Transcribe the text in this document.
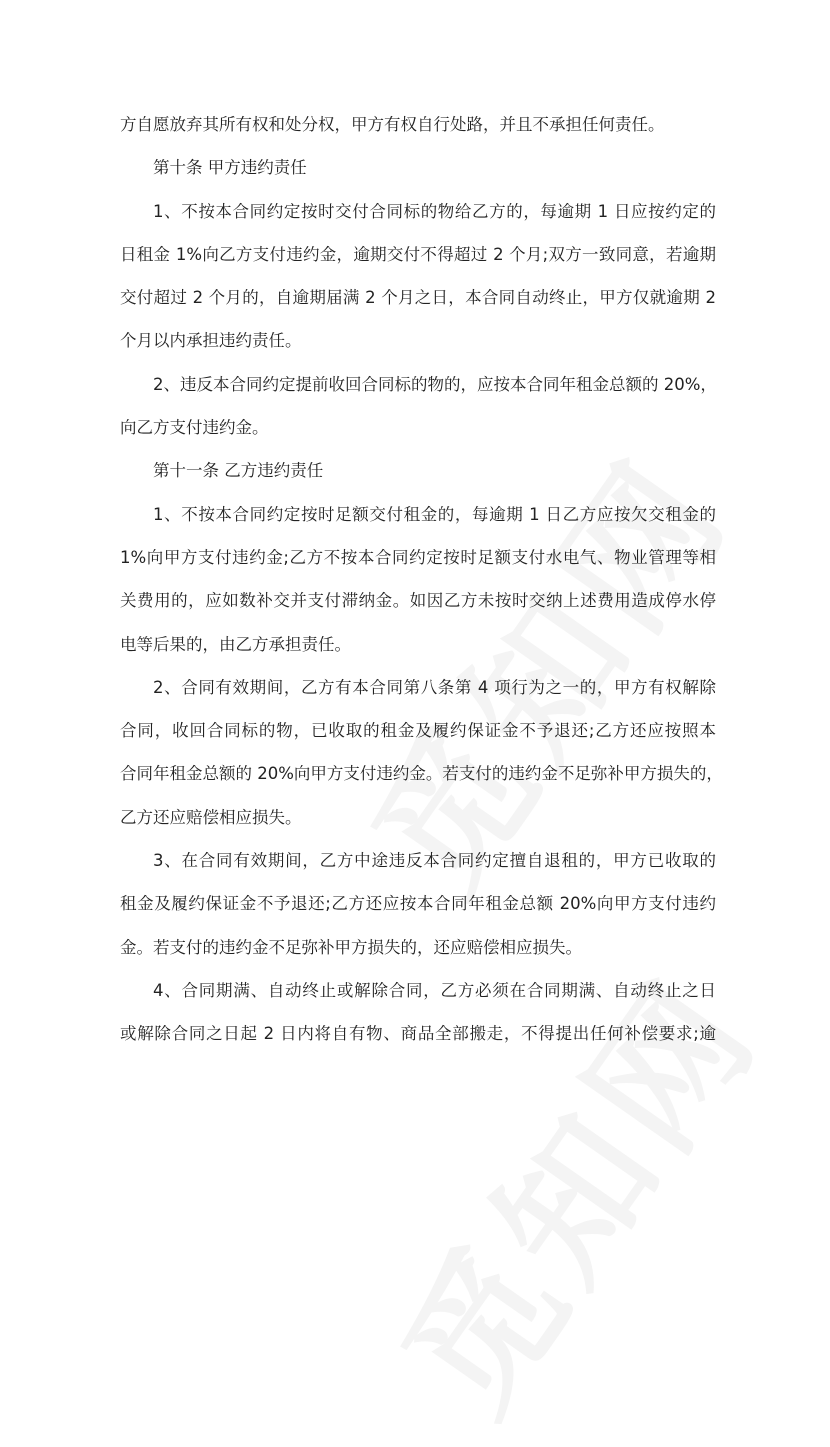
方自愿放弃其所有权和处分权，甲方有权自行处路，并且不承担任何责任。
第十条 甲方违约责任
1、不按本合同约定按时交付合同标的物给乙方的，每逾期 1 日应按约定的
日租金 1%向乙方支付违约金，逾期交付不得超过 2 个月;双方一致同意，若逾期
交付超过 2 个月的，自逾期届满 2 个月之日，本合同自动终止，甲方仅就逾期 2
个月以内承担违约责任。
2、违反本合同约定提前收回合同标的物的，应按本合同年租金总额的 20%，
向乙方支付违约金。
第十一条 乙方违约责任
1、不按本合同约定按时足额交付租金的，每逾期 1 日乙方应按欠交租金的
1%向甲方支付违约金;乙方不按本合同约定按时足额支付水电气、物业管理等相
关费用的，应如数补交并支付滞纳金。如因乙方未按时交纳上述费用造成停水停
电等后果的，由乙方承担责任。
2、合同有效期间，乙方有本合同第八条第 4 项行为之一的，甲方有权解除
合同，收回合同标的物，已收取的租金及履约保证金不予退还;乙方还应按照本
合同年租金总额的 20%向甲方支付违约金。若支付的违约金不足弥补甲方损失的，
乙方还应赔偿相应损失。
3、在合同有效期间，乙方中途违反本合同约定擅自退租的，甲方已收取的
租金及履约保证金不予退还;乙方还应按本合同年租金总额 20%向甲方支付违约
金。若支付的违约金不足弥补甲方损失的，还应赔偿相应损失。
4、合同期满、自动终止或解除合同，乙方必须在合同期满、自动终止之日
或解除合同之日起 2 日内将自有物、商品全部搬走，不得提出任何补偿要求;逾
